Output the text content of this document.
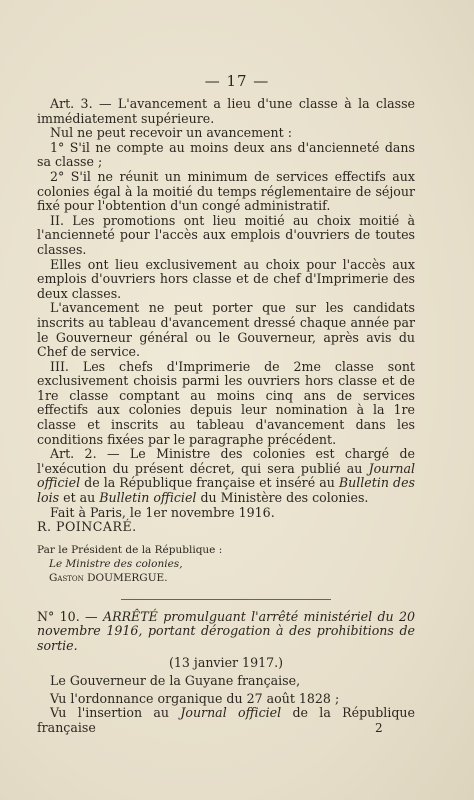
— 17 —

Art. 3. — L'avancement a lieu d'une classe à la classe immédiatement supérieure.

Nul ne peut recevoir un avancement :

1° S'il ne compte au moins deux ans d'ancienneté dans sa classe ;

2° S'il ne réunit un minimum de services effectifs aux colonies égal à la moitié du temps réglementaire de séjour fixé pour l'obtention d'un congé administratif.

II. Les promotions ont lieu moitié au choix moitié à l'ancienneté pour l'accès aux emplois d'ouvriers de toutes classes.

Elles ont lieu exclusivement au choix pour l'accès aux emplois d'ouvriers hors classe et de chef d'Imprimerie des deux classes.

L'avancement ne peut porter que sur les candidats inscrits au tableau d'avancement dressé chaque année par le Gouverneur général ou le Gouverneur, après avis du Chef de service.

III. Les chefs d'Imprimerie de 2me classe sont exclusivement choisis parmi les ouvriers hors classe et de 1re classe comptant au moins cinq ans de services effectifs aux colonies depuis leur nomination à la 1re classe et inscrits au tableau d'avancement dans les conditions fixées par le paragraphe précédent.

Art. 2. — Le Ministre des colonies est chargé de l'exécution du présent décret, qui sera publié au Journal officiel de la République française et inséré au Bulletin des lois et au Bulletin officiel du Ministère des colonies.

Fait à Paris, le 1er novembre 1916.

R. POINCARÉ.

Par le Président de la République :

Le Ministre des colonies,

Gaston DOUMERGUE.

N° 10. — ARRÊTÉ promulguant l'arrêté ministériel du 20 novembre 1916, portant dérogation à des prohibitions de sortie.

(13 janvier 1917.)

Le Gouverneur de la Guyane française,

Vu l'ordonnance organique du 27 août 1828 ;

Vu l'insertion au Journal officiel de la République française	2
